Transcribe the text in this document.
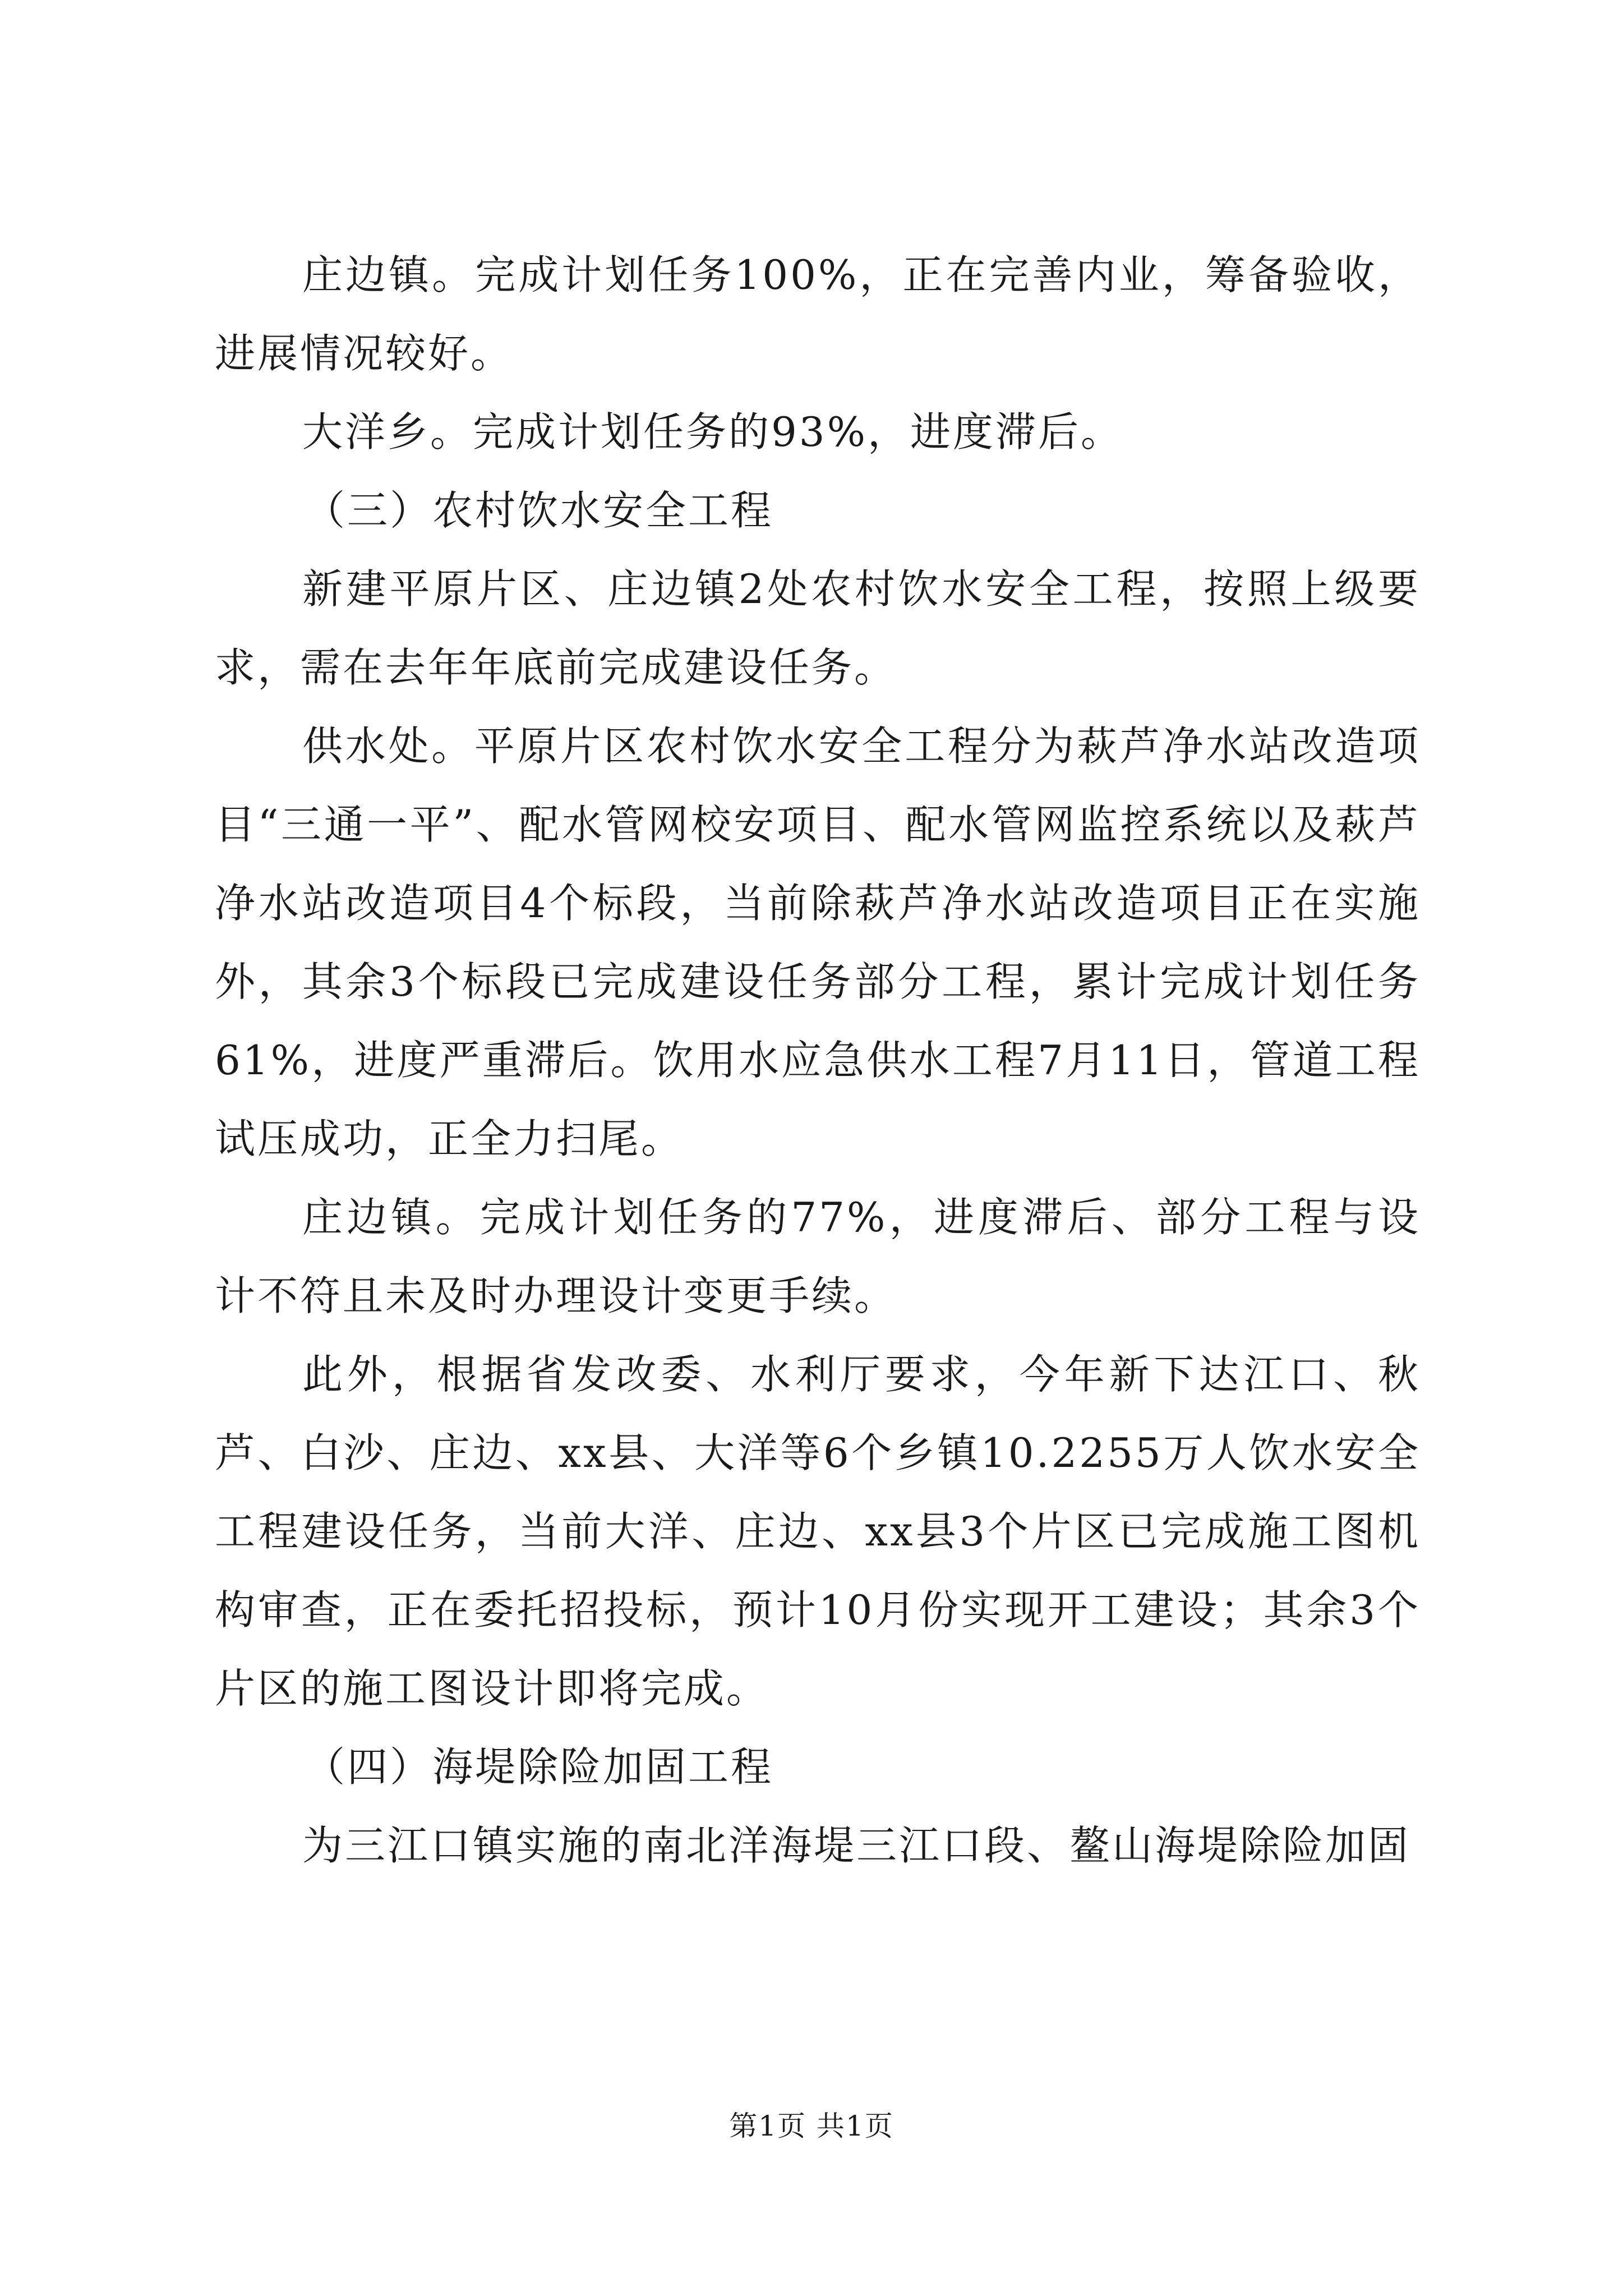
庄边镇。完成计划任务100%，正在完善内业，筹备验收，进展情况较好。

大洋乡。完成计划任务的93%，进度滞后。

（三）农村饮水安全工程

新建平原片区、庄边镇2处农村饮水安全工程，按照上级要求，需在去年年底前完成建设任务。

供水处。平原片区农村饮水安全工程分为萩芦净水站改造项目“三通一平”、配水管网校安项目、配水管网监控系统以及萩芦净水站改造项目4个标段，当前除萩芦净水站改造项目正在实施外，其余3个标段已完成建设任务部分工程，累计完成计划任务61%，进度严重滞后。饮用水应急供水工程7月11日，管道工程试压成功，正全力扫尾。

庄边镇。完成计划任务的77%，进度滞后、部分工程与设计不符且未及时办理设计变更手续。

此外，根据省发改委、水利厅要求，今年新下达江口、秋芦、白沙、庄边、xx县、大洋等6个乡镇10.2255万人饮水安全工程建设任务，当前大洋、庄边、xx县3个片区已完成施工图机构审查，正在委托招投标，预计10月份实现开工建设；其余3个片区的施工图设计即将完成。

（四）海堤除险加固工程

为三江口镇实施的南北洋海堤三江口段、鳌山海堤除险加固

第1页 共1页
